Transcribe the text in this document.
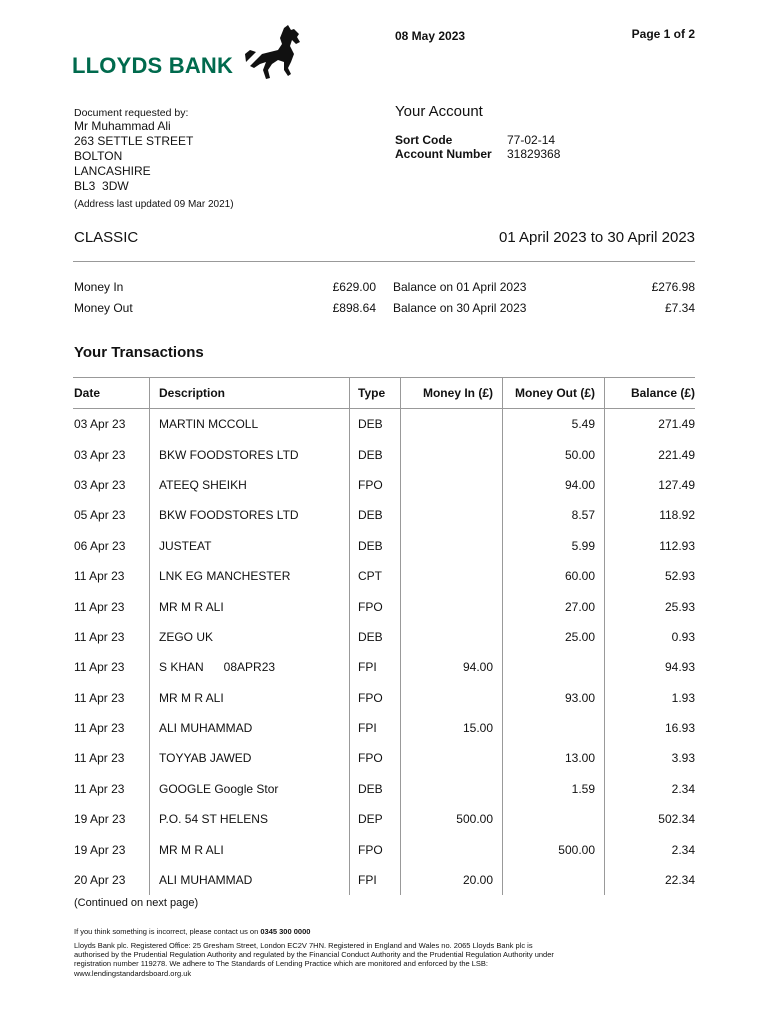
LLOYDS BANK
08 May 2023	Page 1 of 2
Document requested by:
Mr Muhammad Ali
263 SETTLE STREET
BOLTON
LANCASHIRE
BL3  3DW
(Address last updated 09 Mar 2021)
Your Account
Sort Code	77-02-14
Account Number	31829368
CLASSIC	01 April 2023 to 30 April 2023
Money In	£629.00
Money Out	£898.64
Balance on 01 April 2023	£276.98
Balance on 30 April 2023	£7.34
Your Transactions
Date	Description	Type	Money In (£)	Money Out (£)	Balance (£)
03 Apr 23	MARTIN MCCOLL	DEB		5.49	271.49
03 Apr 23	BKW FOODSTORES LTD	DEB		50.00	221.49
03 Apr 23	ATEEQ SHEIKH	FPO		94.00	127.49
05 Apr 23	BKW FOODSTORES LTD	DEB		8.57	118.92
06 Apr 23	JUSTEAT	DEB		5.99	112.93
11 Apr 23	LNK EG MANCHESTER	CPT		60.00	52.93
11 Apr 23	MR M R ALI	FPO		27.00	25.93
11 Apr 23	ZEGO UK	DEB		25.00	0.93
11 Apr 23	S KHAN      08APR23	FPI	94.00		94.93
11 Apr 23	MR M R ALI	FPO		93.00	1.93
11 Apr 23	ALI MUHAMMAD	FPI	15.00		16.93
11 Apr 23	TOYYAB JAWED	FPO		13.00	3.93
11 Apr 23	GOOGLE Google Stor	DEB		1.59	2.34
19 Apr 23	P.O. 54 ST HELENS	DEP	500.00		502.34
19 Apr 23	MR M R ALI	FPO		500.00	2.34
20 Apr 23	ALI MUHAMMAD	FPI	20.00		22.34
(Continued on next page)
If you think something is incorrect, please contact us on 0345 300 0000
Lloyds Bank plc. Registered Office: 25 Gresham Street, London EC2V 7HN. Registered in England and Wales no. 2065 Lloyds Bank plc is authorised by the Prudential Regulation Authority and regulated by the Financial Conduct Authority and the Prudential Regulation Authority under registration number 119278. We adhere to The Standards of Lending Practice which are monitored and enforced by the LSB: www.lendingstandardsboard.org.uk
